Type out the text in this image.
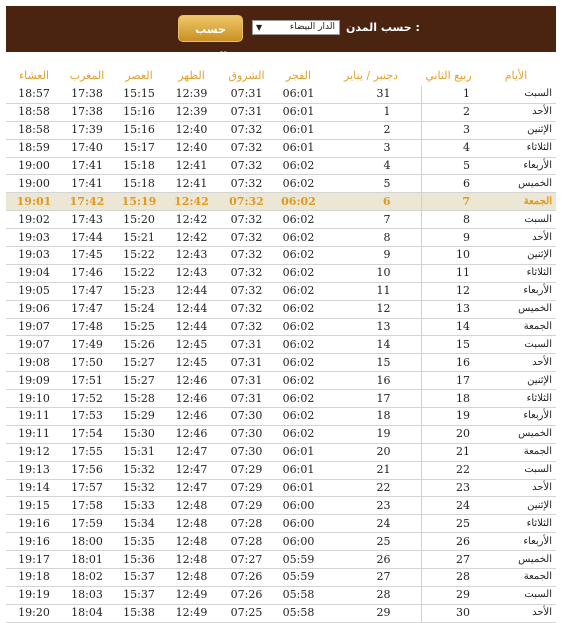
حسب الشهر
▼	الدار البيضاء حسب المدن :
العشاء	المغرب	العصر	الظهر	الشروق	الفجر	دجنبر / يناير	ربيع الثاني	الأيام
18:57	17:38	15:15	12:39	07:31	06:01	31	1	السبت
18:58	17:38	15:16	12:39	07:31	06:01	1	2	الأحد
18:58	17:39	15:16	12:40	07:32	06:01	2	3	الإثنين
18:59	17:40	15:17	12:40	07:32	06:01	3	4	الثلاثاء
19:00	17:41	15:18	12:41	07:32	06:02	4	5	الأربعاء
19:00	17:41	15:18	12:41	07:32	06:02	5	6	الخميس
19:01	17:42	15:19	12:42	07:32	06:02	6	7	الجمعة
19:02	17:43	15:20	12:42	07:32	06:02	7	8	السبت
19:03	17:44	15:21	12:42	07:32	06:02	8	9	الأحد
19:03	17:45	15:22	12:43	07:32	06:02	9	10	الإثنين
19:04	17:46	15:22	12:43	07:32	06:02	10	11	الثلاثاء
19:05	17:47	15:23	12:44	07:32	06:02	11	12	الأربعاء
19:06	17:47	15:24	12:44	07:32	06:02	12	13	الخميس
19:07	17:48	15:25	12:44	07:32	06:02	13	14	الجمعة
19:07	17:49	15:26	12:45	07:31	06:02	14	15	السبت
19:08	17:50	15:27	12:45	07:31	06:02	15	16	الأحد
19:09	17:51	15:27	12:46	07:31	06:02	16	17	الإثنين
19:10	17:52	15:28	12:46	07:31	06:02	17	18	الثلاثاء
19:11	17:53	15:29	12:46	07:30	06:02	18	19	الأربعاء
19:11	17:54	15:30	12:46	07:30	06:02	19	20	الخميس
19:12	17:55	15:31	12:47	07:30	06:01	20	21	الجمعة
19:13	17:56	15:32	12:47	07:29	06:01	21	22	السبت
19:14	17:57	15:32	12:47	07:29	06:01	22	23	الأحد
19:15	17:58	15:33	12:48	07:29	06:00	23	24	الإثنين
19:16	17:59	15:34	12:48	07:28	06:00	24	25	الثلاثاء
19:16	18:00	15:35	12:48	07:28	06:00	25	26	الأربعاء
19:17	18:01	15:36	12:48	07:27	05:59	26	27	الخميس
19:18	18:02	15:37	12:48	07:26	05:59	27	28	الجمعة
19:19	18:03	15:37	12:49	07:26	05:58	28	29	السبت
19:20	18:04	15:38	12:49	07:25	05:58	29	30	الأحد
